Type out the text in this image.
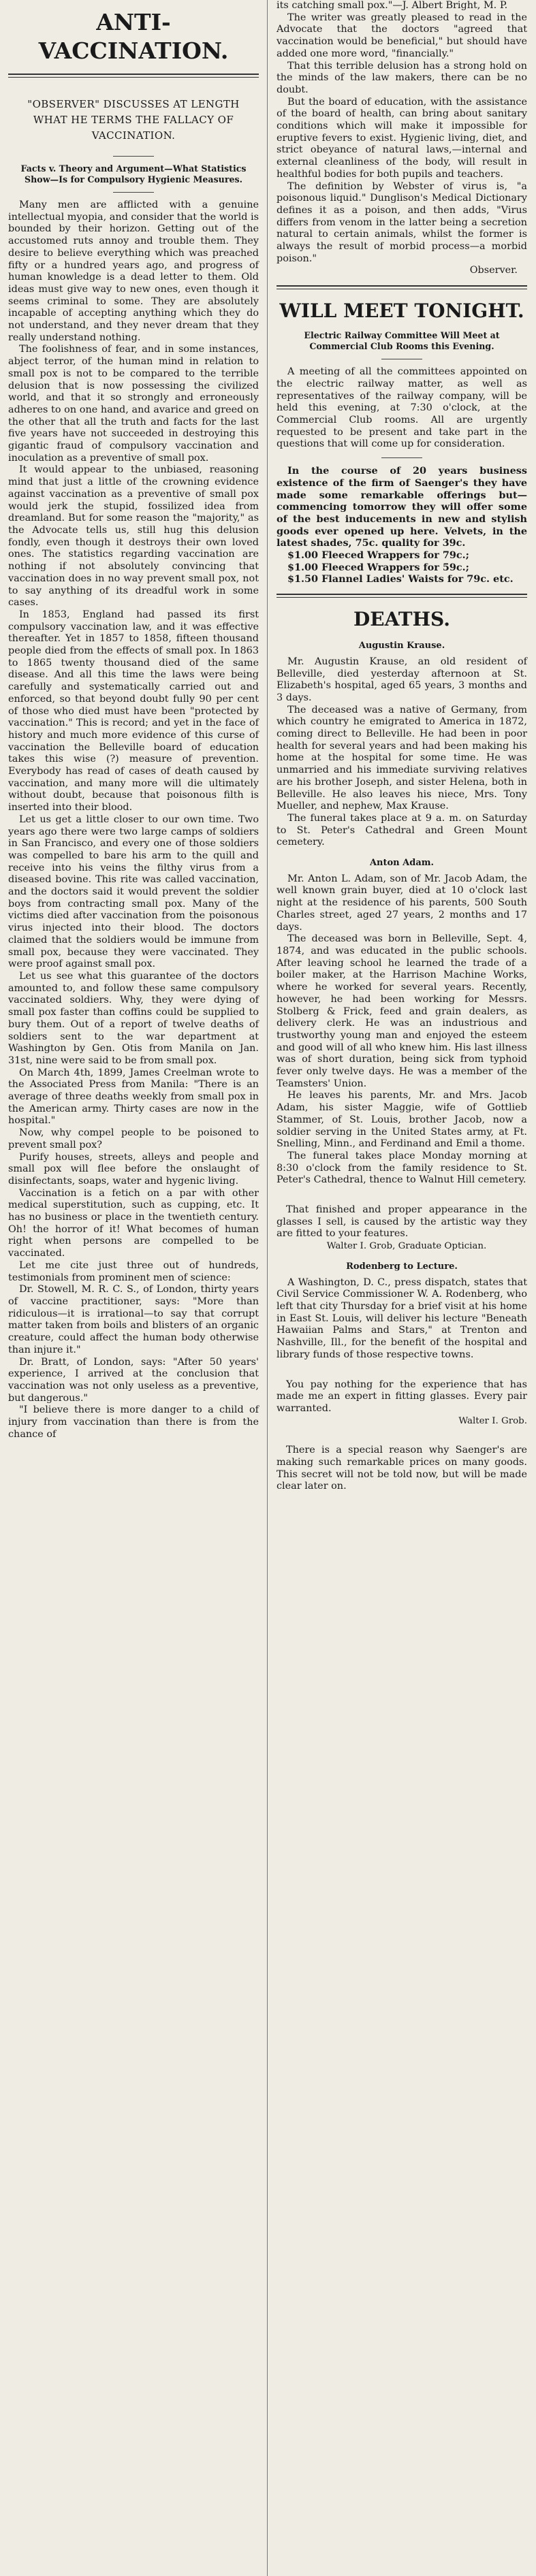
ANTI-VACCINATION.
"OBSERVER" DISCUSSES AT LENGTH WHAT HE TERMS THE FALLACY OF VACCINATION.
Facts v. Theory and Argument—What Statistics Show—Is for Compulsory Hygienic Measures.

Many men are afflicted with a genuine intellectual myopia, and consider that the world is bounded by their horizon. Getting out of the accustomed ruts annoy and trouble them. They desire to believe everything which was preached fifty or a hundred years ago, and progress of human knowledge is a dead letter to them. Old ideas must give way to new ones, even though it seems criminal to some. They are absolutely incapable of accepting anything which they do not understand, and they never dream that they really understand nothing.

The foolishness of fear, and in some instances, abject terror, of the human mind in relation to small pox is not to be compared to the terrible delusion that is now possessing the civilized world, and that it so strongly and erroneously adheres to on one hand, and avarice and greed on the other that all the truth and facts for the last five years have not succeeded in destroying this gigantic fraud of compulsory vaccination and inoculation as a preventive of small pox.

It would appear to the unbiased, reasoning mind that just a little of the crowning evidence against vaccination as a preventive of small pox would jerk the stupid, fossilized idea from dreamland. But for some reason the "majority," as the Advocate tells us, still hug this delusion fondly, even though it destroys their own loved ones. The statistics regarding vaccination are nothing if not absolutely convincing that vaccination does in no way prevent small pox, not to say anything of its dreadful work in some cases.

In 1853, England had passed its first compulsory vaccination law, and it was effective thereafter. Yet in 1857 to 1858, fifteen thousand people died from the effects of small pox. In 1863 to 1865 twenty thousand died of the same disease. And all this time the laws were being carefully and systematically carried out and enforced, so that beyond doubt fully 90 per cent of those who died must have been "protected by vaccination." This is record; and yet in the face of history and much more evidence of this curse of vaccination the Belleville board of education takes this wise (?) measure of prevention. Everybody has read of cases of death caused by vaccination, and many more will die ultimately without doubt, because that poisonous filth is inserted into their blood.

Let us get a little closer to our own time. Two years ago there were two large camps of soldiers in San Francisco, and every one of those soldiers was compelled to bare his arm to the quill and receive into his veins the filthy virus from a diseased bovine. This rite was called vaccination, and the doctors said it would prevent the soldier boys from contracting small pox. Many of the victims died after vaccination from the poisonous virus injected into their blood. The doctors claimed that the soldiers would be immune from small pox, because they were vaccinated. They were proof against small pox.

Let us see what this guarantee of the doctors amounted to, and follow these same compulsory vaccinated soldiers. Why, they were dying of small pox faster than coffins could be supplied to bury them. Out of a report of twelve deaths of soldiers sent to the war department at Washington by Gen. Otis from Manila on Jan. 31st, nine were said to be from small pox.

On March 4th, 1899, James Creelman wrote to the Associated Press from Manila: "There is an average of three deaths weekly from small pox in the American army. Thirty cases are now in the hospital."

Now, why compel people to be poisoned to prevent small pox?

Purify houses, streets, alleys and people and small pox will flee before the onslaught of disinfectants, soaps, water and hygenic living.

Vaccination is a fetich on a par with other medical superstitution, such as cupping, etc. It has no business or place in the twentieth century. Oh! the horror of it! What becomes of human right when persons are compelled to be vaccinated.

Let me cite just three out of hundreds, testimonials from prominent men of science:

Dr. Stowell, M. R. C. S., of London, thirty years of vaccine practitioner, says: "More than ridiculous—it is irrational—to say that corrupt matter taken from boils and blisters of an organic creature, could affect the human body otherwise than injure it."

Dr. Bratt, of London, says: "After 50 years' experience, I arrived at the conclusion that vaccination was not only useless as a preventive, but dangerous."

"I believe there is more danger to a child of injury from vaccination than there is from the chance of

its catching small pox."—J. Albert Bright, M. P.

The writer was greatly pleased to read in the Advocate that the doctors "agreed that vaccination would be beneficial," but should have added one more word, "financially."

That this terrible delusion has a strong hold on the minds of the law makers, there can be no doubt.

But the board of education, with the assistance of the board of health, can bring about sanitary conditions which will make it impossible for eruptive fevers to exist. Hygienic living, diet, and strict obeyance of natural laws,—internal and external cleanliness of the body, will result in healthful bodies for both pupils and teachers.

The definition by Webster of virus is, "a poisonous liquid." Dunglison's Medical Dictionary defines it as a poison, and then adds, "Virus differs from venom in the latter being a secretion natural to certain animals, whilst the former is always the result of morbid process—a morbid poison."

Observer.

WILL MEET TONIGHT.
Electric Railway Committee Will Meet at Commercial Club Rooms this Evening.

A meeting of all the committees appointed on the electric railway matter, as well as representatives of the railway company, will be held this evening, at 7:30 o'clock, at the Commercial Club rooms. All are urgently requested to be present and take part in the questions that will come up for consideration.

In the course of 20 years business existence of the firm of Saenger's they have made some remarkable offerings but—commencing tomorrow they will offer some of the best inducements in new and stylish goods ever opened up here. Velvets, in the latest shades, 75c. quality for 39c.

$1.00 Fleeced Wrappers for 79c.;

$1.00 Fleeced Wrappers for 59c.;

$1.50 Flannel Ladies' Waists for 79c. etc.

DEATHS.
Augustin Krause.

Mr. Augustin Krause, an old resident of Belleville, died yesterday afternoon at St. Elizabeth's hospital, aged 65 years, 3 months and 3 days.

The deceased was a native of Germany, from which country he emigrated to America in 1872, coming direct to Belleville. He had been in poor health for several years and had been making his home at the hospital for some time. He was unmarried and his immediate surviving relatives are his brother Joseph, and sister Helena, both in Belleville. He also leaves his niece, Mrs. Tony Mueller, and nephew, Max Krause.

The funeral takes place at 9 a. m. on Saturday to St. Peter's Cathedral and Green Mount cemetery.

Anton Adam.

Mr. Anton L. Adam, son of Mr. Jacob Adam, the well known grain buyer, died at 10 o'clock last night at the residence of his parents, 500 South Charles street, aged 27 years, 2 months and 17 days.

The deceased was born in Belleville, Sept. 4, 1874, and was educated in the public schools. After leaving school he learned the trade of a boiler maker, at the Harrison Machine Works, where he worked for several years. Recently, however, he had been working for Messrs. Stolberg & Frick, feed and grain dealers, as delivery clerk. He was an industrious and trustworthy young man and enjoyed the esteem and good will of all who knew him. His last illness was of short duration, being sick from typhoid fever only twelve days. He was a member of the Teamsters' Union.

He leaves his parents, Mr. and Mrs. Jacob Adam, his sister Maggie, wife of Gottlieb Stammer, of St. Louis, brother Jacob, now a soldier serving in the United States army, at Ft. Snelling, Minn., and Ferdinand and Emil a thome.

The funeral takes place Monday morning at 8:30 o'clock from the family residence to St. Peter's Cathedral, thence to Walnut Hill cemetery.

That finished and proper appearance in the glasses I sell, is caused by the artistic way they are fitted to your features.

Walter I. Grob, Graduate Optician.

Rodenberg to Lecture.

A Washington, D. C., press dispatch, states that Civil Service Commissioner W. A. Rodenberg, who left that city Thursday for a brief visit at his home in East St. Louis, will deliver his lecture "Beneath Hawaiian Palms and Stars," at Trenton and Nashville, Ill., for the benefit of the hospital and library funds of those respective towns.

You pay nothing for the experience that has made me an expert in fitting glasses. Every pair warranted.

Walter I. Grob.

There is a special reason why Saenger's are making such remarkable prices on many goods. This secret will not be told now, but will be made clear later on.
